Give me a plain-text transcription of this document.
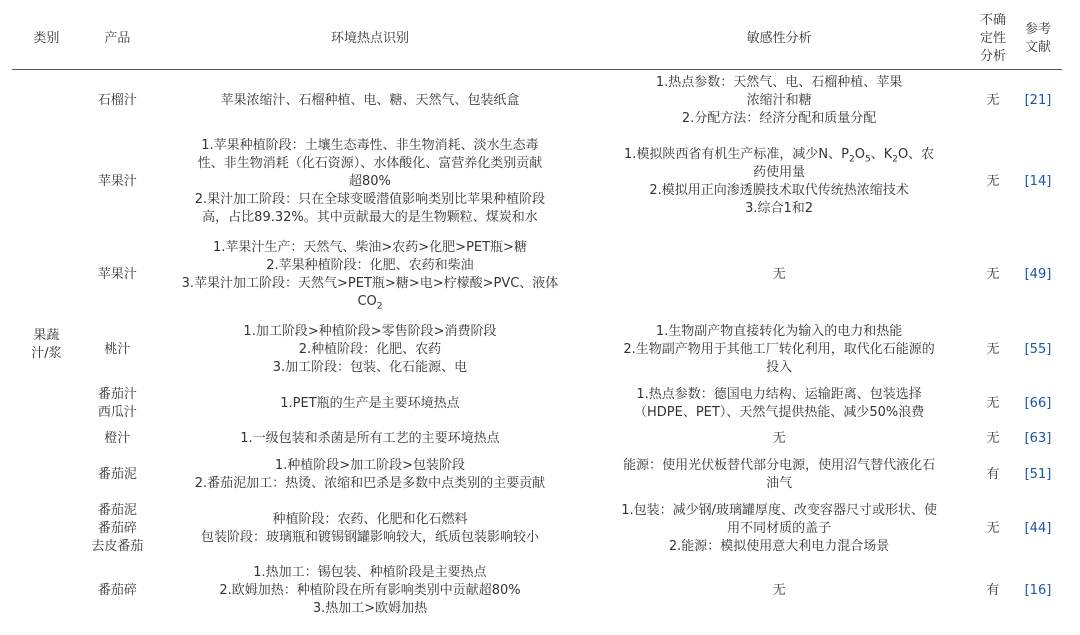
类别	产品	环境热点识别	敏感性分析	不确
定性
分析	参考
文献
果蔬
汁/浆	石榴汁	苹果浓缩汁、石榴种植、电、糖、天然气、包装纸盒	1.热点参数：天然气、电、石榴种植、苹果
浓缩汁和糖
2.分配方法：经济分配和质量分配	无	[21]
	苹果汁	1.苹果种植阶段：土壤生态毒性、非生物消耗、淡水生态毒
性、非生物消耗（化石资源）、水体酸化、富营养化类别贡献
超80%
2.果汁加工阶段：只在全球变暖潜值影响类别比苹果种植阶段
高，占比89.32%。其中贡献最大的是生物颗粒、煤炭和水	1.模拟陕西省有机生产标准，减少N、$P_2O_5$、$K_2O$、农
药使用量
2.模拟用正向渗透膜技术取代传统热浓缩技术
3.综合1和2	无	[14]
	苹果汁	1.苹果汁生产：天然气、柴油>农药>化肥>PET瓶>糖
2.苹果种植阶段：化肥、农药和柴油
3.苹果汁加工阶段：天然气>PET瓶>糖>电>柠檬酸>PVC、液体
$CO_2$	无	无	[49]
	桃汁	1.加工阶段>种植阶段>零售阶段>消费阶段
2.种植阶段：化肥、农药
3.加工阶段：包装、化石能源、电	1.生物副产物直接转化为输入的电力和热能
2.生物副产物用于其他工厂转化利用，取代化石能源的
投入	无	[55]
	番茄汁
西瓜汁	1.PET瓶的生产是主要环境热点	1.热点参数：德国电力结构、运输距离、包装选择
（HDPE、PET）、天然气提供热能、减少50%浪费	无	[66]
	橙汁	1.一级包装和杀菌是所有工艺的主要环境热点	无	无	[63]
	番茄泥	1.种植阶段>加工阶段>包装阶段
2.番茄泥加工：热烫、浓缩和巴杀是多数中点类别的主要贡献	能源：使用光伏板替代部分电源，使用沼气替代液化石
油气	有	[51]
	番茄泥
番茄碎
去皮番茄	种植阶段：农药、化肥和化石燃料
包装阶段：玻璃瓶和镀锡钢罐影响较大，纸质包装影响较小	1.包装：减少钢/玻璃罐厚度、改变容器尺寸或形状、使
用不同材质的盖子
2.能源：模拟使用意大利电力混合场景	无	[44]
	番茄碎	1.热加工：锡包装、种植阶段是主要热点
2.欧姆加热：种植阶段在所有影响类别中贡献超80%
3.热加工>欧姆加热	无	有	[16]
